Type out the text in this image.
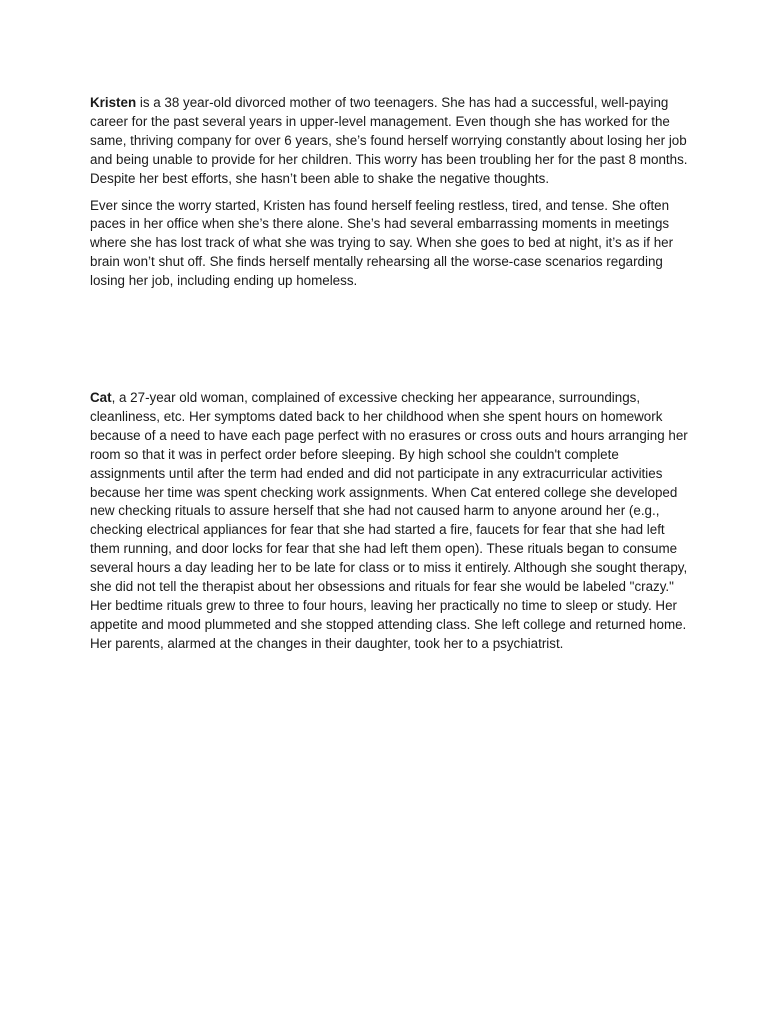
Kristen is a 38 year-old divorced mother of two teenagers. She has had a successful, well-paying career for the past several years in upper-level management. Even though she has worked for the same, thriving company for over 6 years, she’s found herself worrying constantly about losing her job and being unable to provide for her children. This worry has been troubling her for the past 8 months. Despite her best efforts, she hasn’t been able to shake the negative thoughts.

Ever since the worry started, Kristen has found herself feeling restless, tired, and tense. She often paces in her office when she’s there alone. She’s had several embarrassing moments in meetings where she has lost track of what she was trying to say. When she goes to bed at night, it’s as if her brain won’t shut off. She finds herself mentally rehearsing all the worse-case scenarios regarding losing her job, including ending up homeless.

Cat, a 27-year old woman, complained of excessive checking her appearance, surroundings, cleanliness, etc. Her symptoms dated back to her childhood when she spent hours on homework because of a need to have each page perfect with no erasures or cross outs and hours arranging her room so that it was in perfect order before sleeping. By high school she couldn't complete assignments until after the term had ended and did not participate in any extracurricular activities because her time was spent checking work assignments. When Cat entered college she developed new checking rituals to assure herself that she had not caused harm to anyone around her (e.g., checking electrical appliances for fear that she had started a fire, faucets for fear that she had left them running, and door locks for fear that she had left them open). These rituals began to consume several hours a day leading her to be late for class or to miss it entirely. Although she sought therapy, she did not tell the therapist about her obsessions and rituals for fear she would be labeled "crazy." Her bedtime rituals grew to three to four hours, leaving her practically no time to sleep or study. Her appetite and mood plummeted and she stopped attending class. She left college and returned home. Her parents, alarmed at the changes in their daughter, took her to a psychiatrist.
